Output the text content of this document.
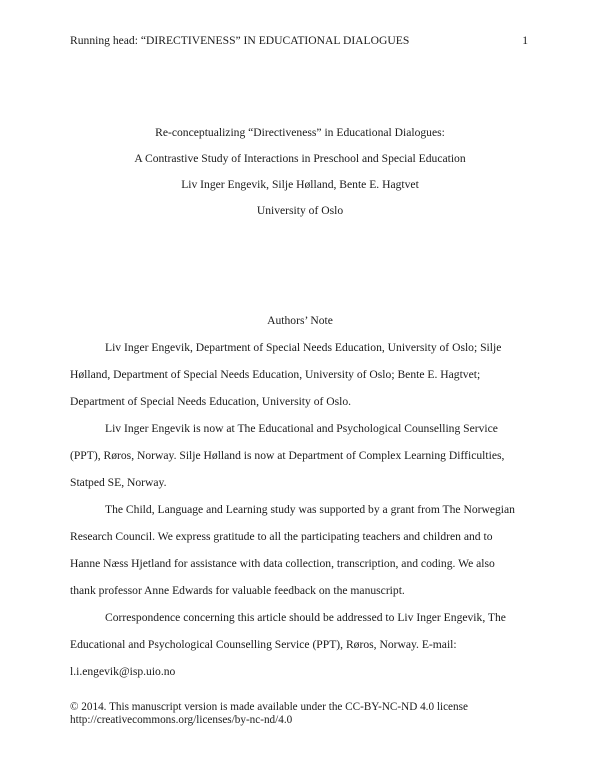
Running head: “DIRECTIVENESS” IN EDUCATIONAL DIALOGUES	1
Re-conceptualizing “Directiveness” in Educational Dialogues:
A Contrastive Study of Interactions in Preschool and Special Education
Liv Inger Engevik, Silje Hølland, Bente E. Hagtvet
University of Oslo
Authors’ Note
Liv Inger Engevik, Department of Special Needs Education, University of Oslo; Silje
Hølland, Department of Special Needs Education, University of Oslo; Bente E. Hagtvet;
Department of Special Needs Education, University of Oslo.
Liv Inger Engevik is now at The Educational and Psychological Counselling Service
(PPT), Røros, Norway. Silje Hølland is now at Department of Complex Learning Difficulties,
Statped SE, Norway.
The Child, Language and Learning study was supported by a grant from The Norwegian
Research Council. We express gratitude to all the participating teachers and children and to
Hanne Næss Hjetland for assistance with data collection, transcription, and coding. We also
thank professor Anne Edwards for valuable feedback on the manuscript.
Correspondence concerning this article should be addressed to Liv Inger Engevik, The
Educational and Psychological Counselling Service (PPT), Røros, Norway. E-mail:
l.i.engevik@isp.uio.no
© 2014. This manuscript version is made available under the CC-BY-NC-ND 4.0 license
http://creativecommons.org/licenses/by-nc-nd/4.0
